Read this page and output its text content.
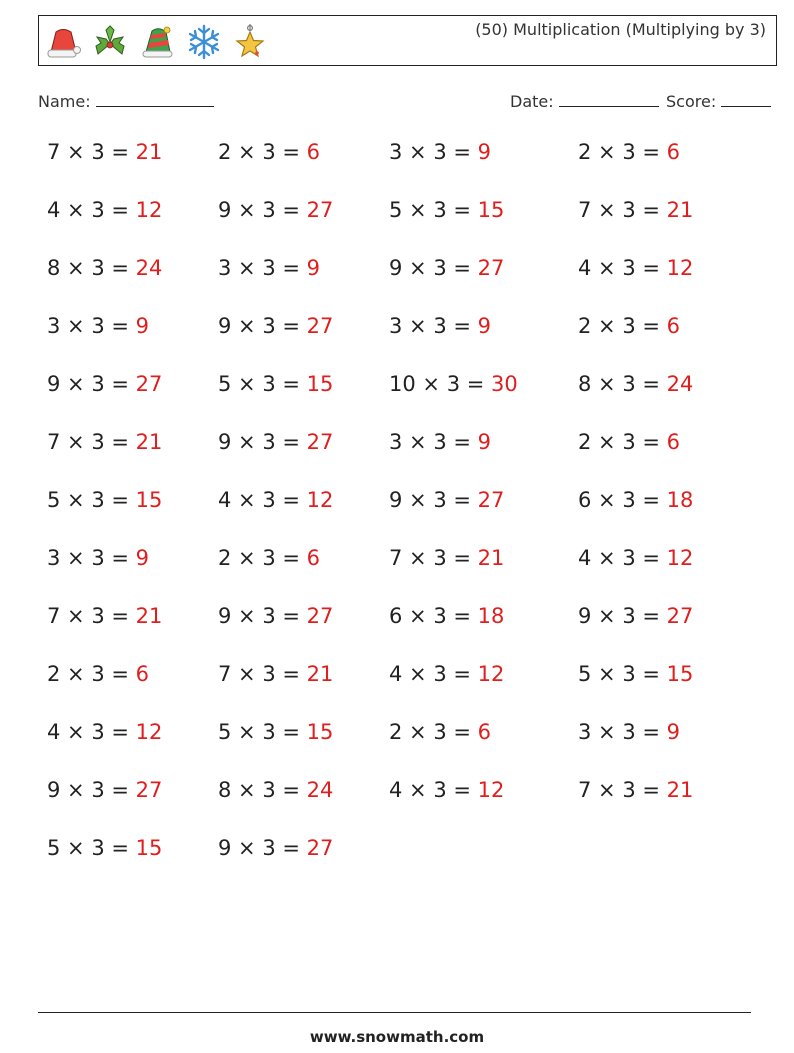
(50) Multiplication (Multiplying by 3)
Name:	Date:	Score:
7 × 3 = 21	2 × 3 = 6	3 × 3 = 9	2 × 3 = 6
4 × 3 = 12	9 × 3 = 27	5 × 3 = 15	7 × 3 = 21
8 × 3 = 24	3 × 3 = 9	9 × 3 = 27	4 × 3 = 12
3 × 3 = 9	9 × 3 = 27	3 × 3 = 9	2 × 3 = 6
9 × 3 = 27	5 × 3 = 15	10 × 3 = 30	8 × 3 = 24
7 × 3 = 21	9 × 3 = 27	3 × 3 = 9	2 × 3 = 6
5 × 3 = 15	4 × 3 = 12	9 × 3 = 27	6 × 3 = 18
3 × 3 = 9	2 × 3 = 6	7 × 3 = 21	4 × 3 = 12
7 × 3 = 21	9 × 3 = 27	6 × 3 = 18	9 × 3 = 27
2 × 3 = 6	7 × 3 = 21	4 × 3 = 12	5 × 3 = 15
4 × 3 = 12	5 × 3 = 15	2 × 3 = 6	3 × 3 = 9
9 × 3 = 27	8 × 3 = 24	4 × 3 = 12	7 × 3 = 21
5 × 3 = 15	9 × 3 = 27
www.snowmath.com
